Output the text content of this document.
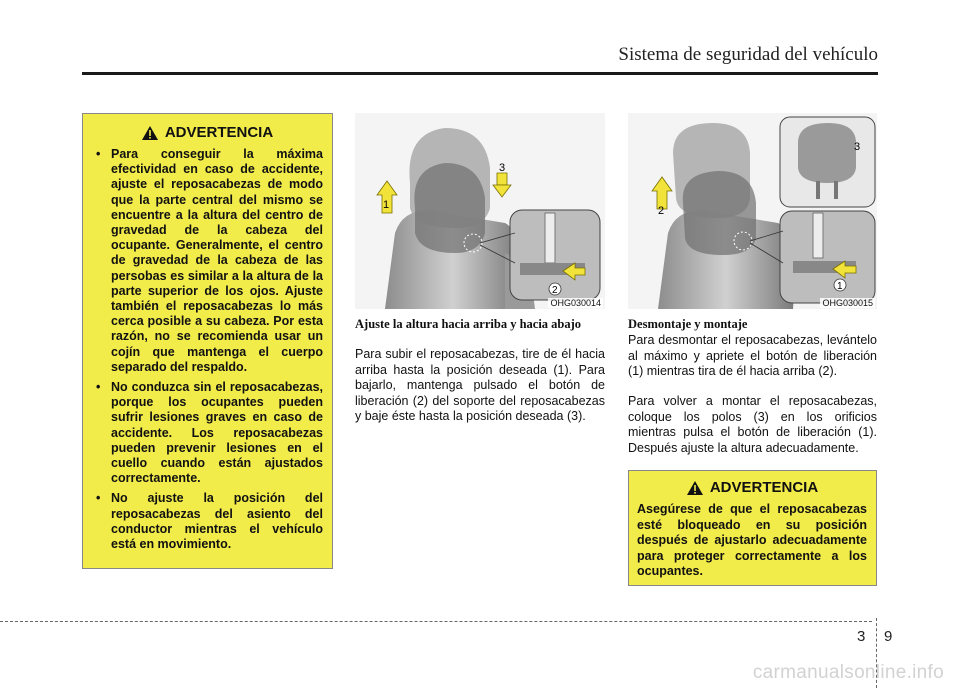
Sistema de seguridad del vehículo
ADVERTENCIA
• Para conseguir la máxima efectividad en caso de accidente, ajuste el reposacabezas de modo que la parte central del mismo se encuentre a la altura del centro de gravedad de la cabeza del ocupante. Generalmente, el centro de gravedad de la cabeza de las persobas es similar a la altura de la parte superior de los ojos. Ajuste también el reposacabezas lo más cerca posible a su cabeza. Por esta razón, no se recomienda usar un cojín que mantenga el cuerpo separado del respaldo.
• No conduzca sin el reposacabezas, porque los ocupantes pueden sufrir lesiones graves en caso de accidente. Los reposacabezas pueden prevenir lesiones en el cuello cuando están ajustados correctamente.
• No ajuste la posición del reposacabezas del asiento del conductor mientras el vehículo está en movimiento.
1
2
3
OHG030014
1
2
3
OHG030015
Ajuste la altura hacia arriba y hacia abajo

Para subir el reposacabezas, tire de él hacia arriba hasta la posición deseada (1). Para bajarlo, mantenga pulsado el botón de liberación (2) del soporte del reposacabezas y baje éste hasta la posición deseada (3).

Desmontaje y montaje

Para desmontar el reposacabezas, levántelo al máximo y apriete el botón de liberación (1) mientras tira de él hacia arriba (2).

Para volver a montar el reposacabezas, coloque los polos (3) en los orificios mientras pulsa el botón de liberación (1). Después ajuste la altura adecuadamente.

ADVERTENCIA
Asegúrese de que el reposacabezas esté bloqueado en su posición después de ajustarlo adecuadamente para proteger correctamente a los ocupantes.
3 9
carmanualsonline.info
